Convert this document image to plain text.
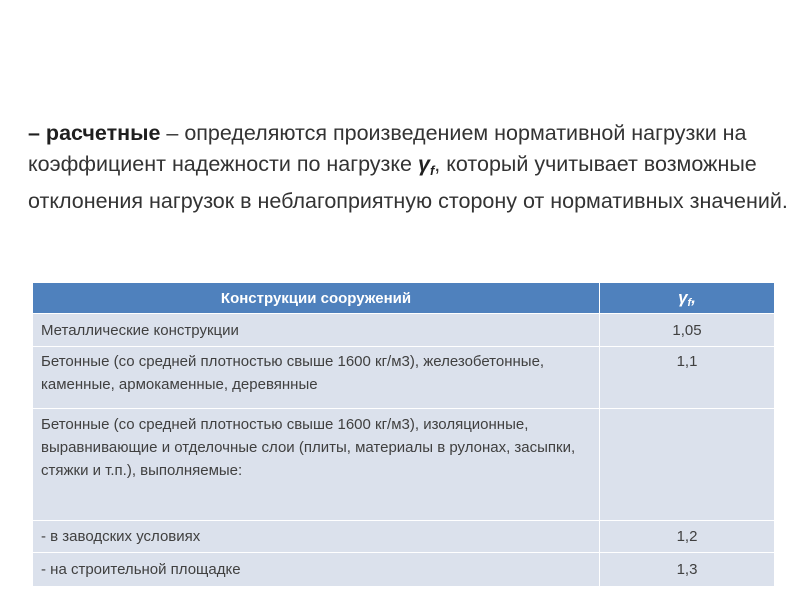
– расчетные – определяются произведением нормативной нагрузки на коэффициент надежности по нагрузке $\gamma_f$, который учитывает возможные отклонения нагрузок в неблагоприятную сторону от нормативных значений.

Конструкции сооружений	$\gamma_f$,
Металлические конструкции	1,05
Бетонные (со средней плотностью свыше 1600 кг/м3), железобетонные, каменные, армокаменные, деревянные	1,1
Бетонные (со средней плотностью свыше 1600 кг/м3), изоляционные, выравнивающие и отделочные слои (плиты, материалы в рулонах, засыпки, стяжки и т.п.), выполняемые:	
- в заводских условиях	1,2
- на строительной площадке	1,3
